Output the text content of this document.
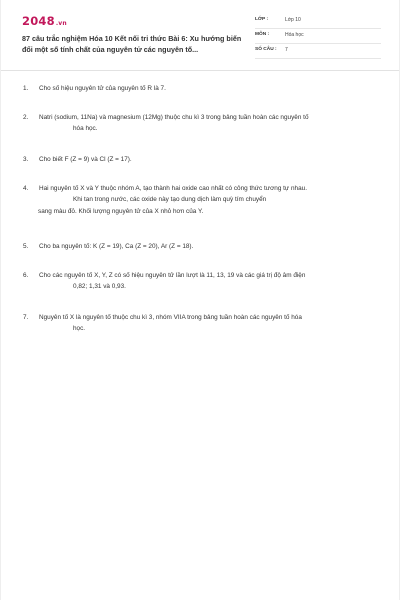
2048.vn
87 câu trắc nghiệm Hóa 10 Kết nối tri thức Bài 6: Xu hướng biến đổi một số tính chất của nguyên tử các nguyên tố...
LỚP :	Lớp 10
MÔN :	Hóa học
SỐ CÂU : 7
1. Cho số hiệu nguyên tử của nguyên tố R là 7.
2. Natri (sodium, 11Na) và magnesium (12Mg) thuộc chu kì 3 trong bảng tuần hoàn các nguyên tố
hóa học.
3. Cho biết F (Z = 9) và Cl (Z = 17).
4. Hai nguyên tố X và Y thuộc nhóm A, tạo thành hai oxide cao nhất có công thức tương tự nhau.
Khi tan trong nước, các oxide này tạo dung dịch làm quỳ tím chuyển
sang màu đỏ. Khối lượng nguyên tử của X nhỏ hơn của Y.
5. Cho ba nguyên tố: K (Z = 19), Ca (Z = 20), Ar (Z = 18).
6. Cho các nguyên tố X, Y, Z có số hiệu nguyên tử lần lượt là 11, 13, 19 và các giá trị độ âm điện
0,82; 1,31 và 0,93.
7. Nguyên tố X là nguyên tố thuộc chu kì 3, nhóm VIIA trong bảng tuần hoàn các nguyên tố hóa
học.
